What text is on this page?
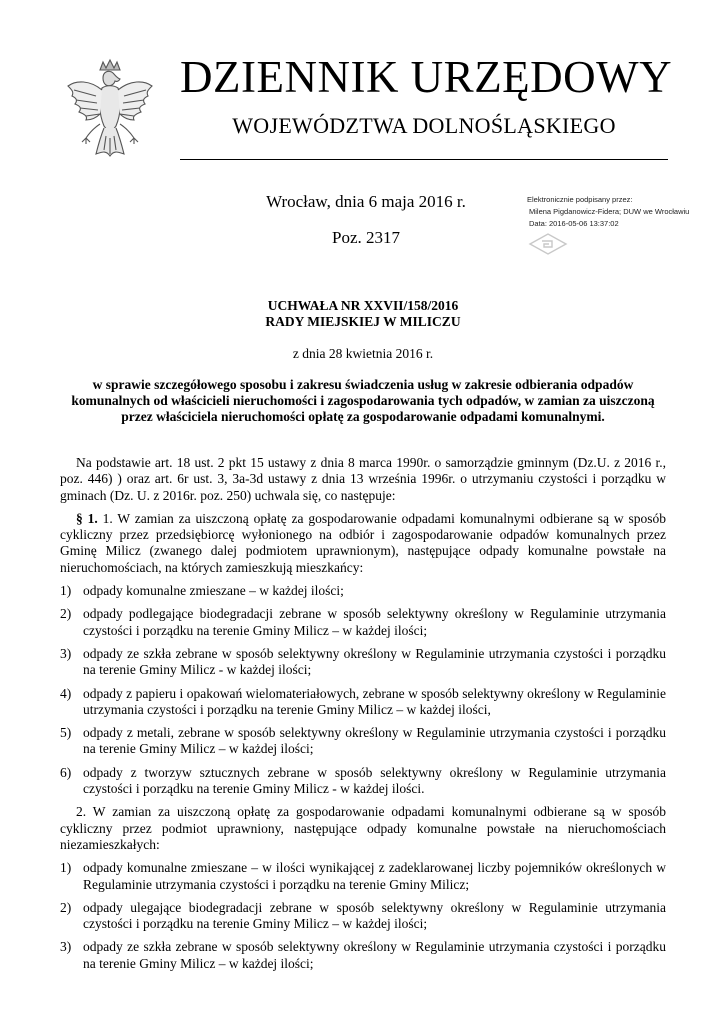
DZIENNIK URZĘDOWY
WOJEWÓDZTWA DOLNOŚLĄSKIEGO
Wrocław, dnia 6 maja 2016 r.
Poz. 2317
Elektronicznie podpisany przez:
Milena Pigdanowicz-Fidera; DUW we Wrocławiu
Data: 2016-05-06 13:37:02
UCHWAŁA NR XXVII/158/2016
RADY MIEJSKIEJ W MILICZU
z dnia 28 kwietnia 2016 r.
w sprawie szczegółowego sposobu i zakresu świadczenia usług w zakresie odbierania odpadów komunalnych od właścicieli nieruchomości i zagospodarowania tych odpadów, w zamian za uiszczoną przez właściciela nieruchomości opłatę za gospodarowanie odpadami komunalnymi.

Na podstawie art. 18 ust. 2 pkt 15 ustawy z dnia 8 marca 1990r. o samorządzie gminnym (Dz.U. z 2016 r., poz. 446) ) oraz art. 6r ust. 3, 3a-3d ustawy z dnia 13 września 1996r. o utrzymaniu czystości i porządku w gminach (Dz. U. z 2016r. poz. 250) uchwala się, co następuje:

§ 1. 1. W zamian za uiszczoną opłatę za gospodarowanie odpadami komunalnymi odbierane są w sposób cykliczny przez przedsiębiorcę wyłonionego na odbiór i zagospodarowanie odpadów komunalnych przez Gminę Milicz (zwanego dalej podmiotem uprawnionym), następujące odpady komunalne powstałe na nieruchomościach, na których zamieszkują mieszkańcy:

1) odpady komunalne zmieszane – w każdej ilości;
2) odpady podlegające biodegradacji zebrane w sposób selektywny określony w Regulaminie utrzymania czystości i porządku na terenie Gminy Milicz – w każdej ilości;
3) odpady ze szkła zebrane w sposób selektywny określony w Regulaminie utrzymania czystości i porządku na terenie Gminy Milicz - w każdej ilości;
4) odpady z papieru i opakowań wielomateriałowych, zebrane w sposób selektywny określony w Regulaminie utrzymania czystości i porządku na terenie Gminy Milicz – w każdej ilości,
5) odpady z metali, zebrane w sposób selektywny określony w Regulaminie utrzymania czystości i porządku na terenie Gminy Milicz – w każdej ilości;
6) odpady z tworzyw sztucznych zebrane w sposób selektywny określony w Regulaminie utrzymania czystości i porządku na terenie Gminy Milicz - w każdej ilości.

2. W zamian za uiszczoną opłatę za gospodarowanie odpadami komunalnymi odbierane są w sposób cykliczny przez podmiot uprawniony, następujące odpady komunalne powstałe na nieruchomościach niezamieszkałych:

1) odpady komunalne zmieszane – w ilości wynikającej z zadeklarowanej liczby pojemników określonych w Regulaminie utrzymania czystości i porządku na terenie Gminy Milicz;
2) odpady ulegające biodegradacji zebrane w sposób selektywny określony w Regulaminie utrzymania czystości i porządku na terenie Gminy Milicz – w każdej ilości;
3) odpady ze szkła zebrane w sposób selektywny określony w Regulaminie utrzymania czystości i porządku na terenie Gminy Milicz – w każdej ilości;
